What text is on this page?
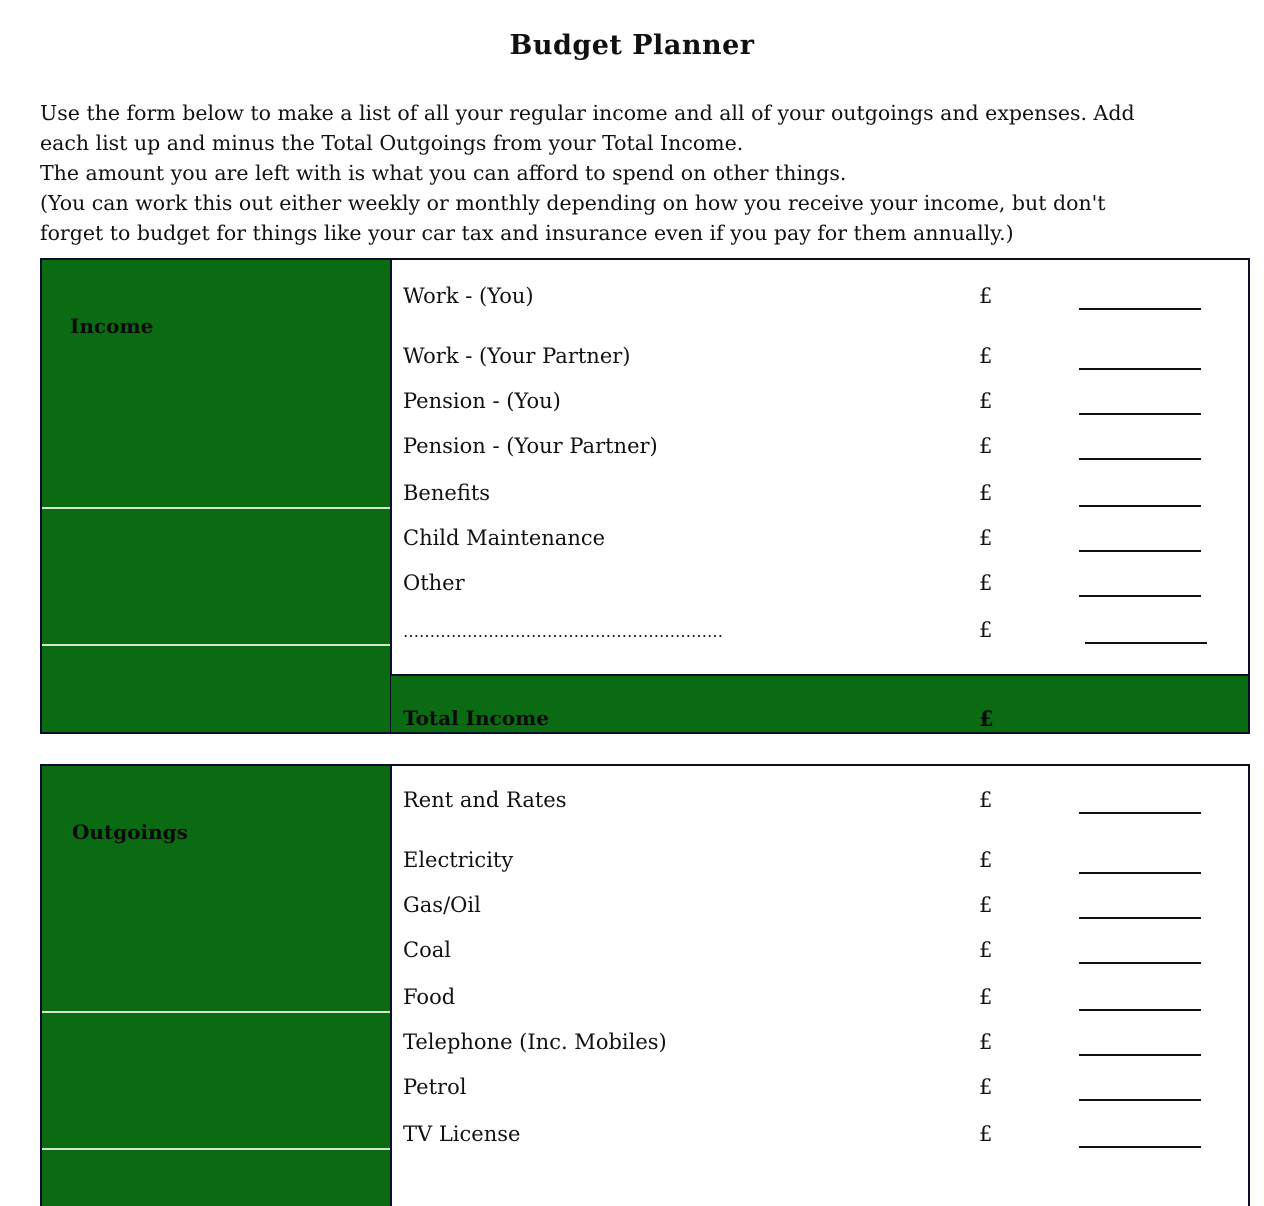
Budget Planner
Use the form below to make a list of all your regular income and all of your outgoings and expenses. Add
each list up and minus the Total Outgoings from your Total Income.
The amount you are left with is what you can afford to spend on other things.
(You can work this out either weekly or monthly depending on how you receive your income, but don't
forget to budget for things like your car tax and insurance even if you pay for them annually.)
Income
Work - (You)	£
Work - (Your Partner)	£
Pension - (You)	£
Pension - (Your Partner)	£
Benefits	£
Child Maintenance	£
Other	£
……………………………………………………	£
Total Income	£
Outgoings
Rent and Rates	£
Electricity	£
Gas/Oil	£
Coal	£
Food	£
Telephone (Inc. Mobiles)	£
Petrol	£
TV License	£
